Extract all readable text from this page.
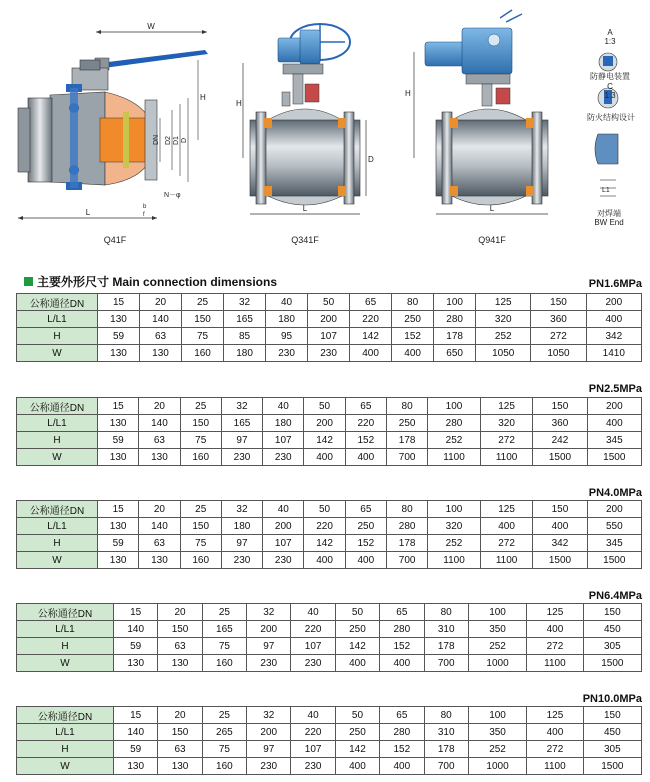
W
DN D2 D1 D
H
N－φ
b
f
L
H
D
L
H
L
L1
A
1:3
防静电装置
C
1:3
防火结构设计
对焊端
BW End
Q41F	Q341F	Q941F
主要外形尺寸 Main connection dimensions	PN1.6MPa
公称通径DN	15	20	25	32	40	50	65	80	100	125	150	200
L/L1	130	140	150	165	180	200	220	250	280	320	360	400
H	59	63	75	85	95	107	142	152	178	252	272	342
W	130	130	160	180	230	230	400	400	650	1050	1050	1410
PN2.5MPa
公称通径DN	15	20	25	32	40	50	65	80	100	125	150	200
L/L1	130	140	150	165	180	200	220	250	280	320	360	400
H	59	63	75	97	107	142	152	178	252	272	242	345
W	130	130	160	230	230	400	400	700	1100	1100	1500	1500
PN4.0MPa
公称通径DN	15	20	25	32	40	50	65	80	100	125	150	200
L/L1	130	140	150	180	200	220	250	280	320	400	400	550
H	59	63	75	97	107	142	152	178	252	272	342	345
W	130	130	160	230	230	400	400	700	1100	1100	1500	1500
PN6.4MPa
公称通径DN	15	20	25	32	40	50	65	80	100	125	150
L/L1	140	150	165	200	220	250	280	310	350	400	450
H	59	63	75	97	107	142	152	178	252	272	305
W	130	130	160	230	230	400	400	700	1000	1100	1500
PN10.0MPa
公称通径DN	15	20	25	32	40	50	65	80	100	125	150
L/L1	140	150	265	200	220	250	280	310	350	400	450
H	59	63	75	97	107	142	152	178	252	272	305
W	130	130	160	230	230	400	400	700	1000	1100	1500
